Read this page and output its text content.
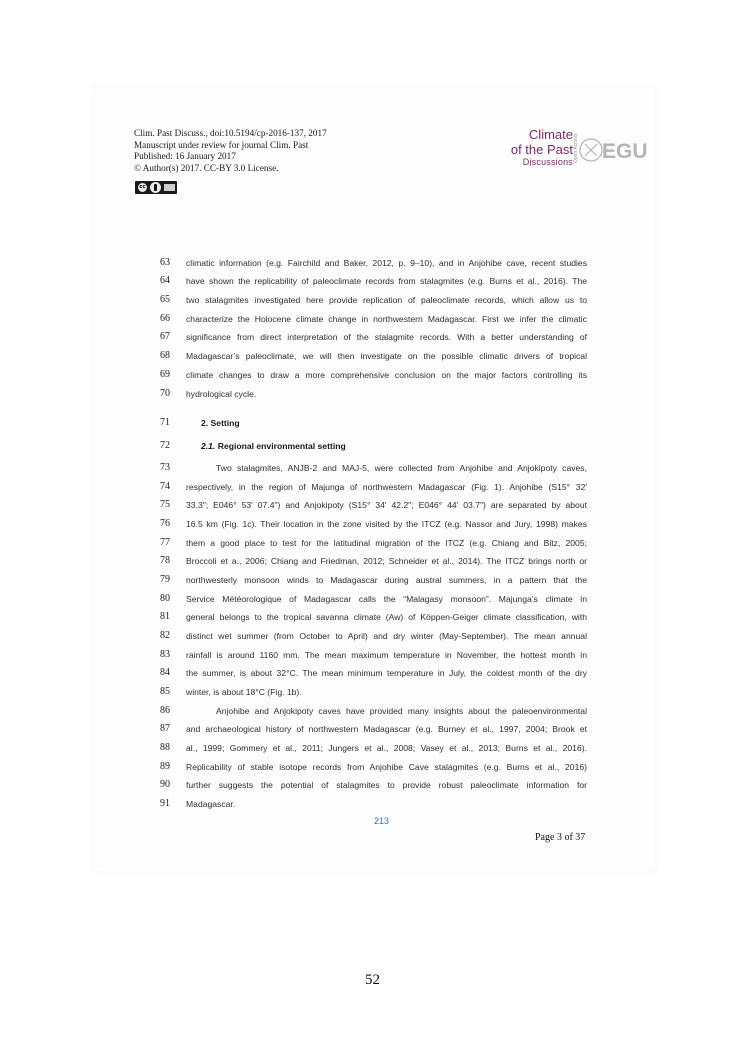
Clim. Past Discuss., doi:10.5194/cp-2016-137, 2017
Manuscript under review for journal Clim. Past
Published: 16 January 2017
© Author(s) 2017. CC-BY 3.0 License.
cc
Climate
of the Past
Discussions Open Access EGU
63	climatic information (e.g. Fairchild and Baker, 2012, p. 9–10), and in Anjohibe cave, recent studies
64	have shown the replicability of paleoclimate records from stalagmites (e.g. Burns et al., 2016). The
65	two stalagmites investigated here provide replication of paleoclimate records, which allow us to
66	characterize the Holocene climate change in northwestern Madagascar. First we infer the climatic
67	significance from direct interpretation of the stalagmite records. With a better understanding of
68	Madagascar’s paleoclimate, we will then investigate on the possible climatic drivers of tropical
69	climate changes to draw a more comprehensive conclusion on the major factors controlling its
70	hydrological cycle.
71	2. Setting
72	2.1. Regional environmental setting
73	Two stalagmites, ANJB-2 and MAJ-5, were collected from Anjohibe and Anjokipoty caves,
74	respectively, in the region of Majunga of northwestern Madagascar (Fig. 1). Anjohibe (S15° 32'
75	33.3"; E046° 53' 07.4") and Anjokipoty (S15° 34' 42.2"; E046° 44' 03.7") are separated by about
76	16.5 km (Fig. 1c). Their location in the zone visited by the ITCZ (e.g. Nassor and Jury, 1998) makes
77	them a good place to test for the latitudinal migration of the ITCZ (e.g. Chiang and Bitz, 2005;
78	Broccoli et a., 2006; Chiang and Friedman, 2012; Schneider et al., 2014). The ITCZ brings north or
79	northwesterly monsoon winds to Madagascar during austral summers, in a pattern that the
80	Service Météorologique of Madagascar calls the “Malagasy monsoon”. Majunga’s climate in
81	general belongs to the tropical savanna climate (Aw) of Köppen-Geiger climate classification, with
82	distinct wet summer (from October to April) and dry winter (May-September). The mean annual
83	rainfall is around 1160 mm. The mean maximum temperature in November, the hottest month in
84	the summer, is about 32°C. The mean minimum temperature in July, the coldest month of the dry
85	winter, is about 18°C (Fig. 1b).
86	Anjohibe and Anjokipoty caves have provided many insights about the paleoenvironmental
87	and archaeological history of northwestern Madagascar (e.g. Burney et al., 1997, 2004; Brook et
88	al., 1999; Gommery et al., 2011; Jungers et al., 2008; Vasey et al., 2013; Burns et al., 2016).
89	Replicability of stable isotope records from Anjohibe Cave stalagmites (e.g. Burns et al., 2016)
90	further suggests the potential of stalagmites to provide robust paleoclimate information for
91	Madagascar.
213
Page 3 of 37
52
